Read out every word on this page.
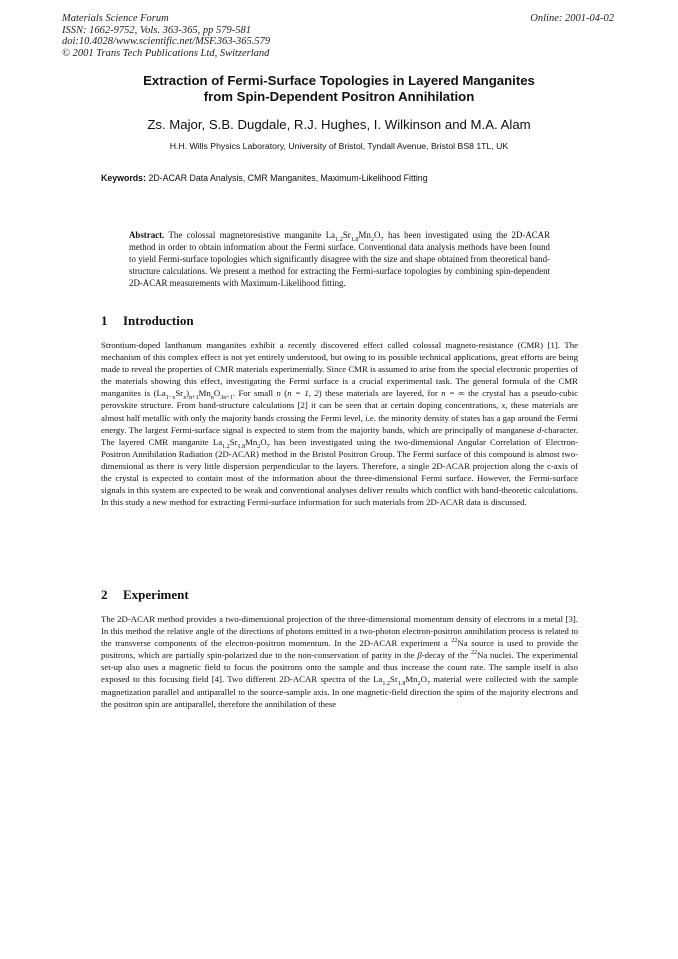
Materials Science Forum
ISSN: 1662-9752, Vols. 363-365, pp 579-581
doi:10.4028/www.scientific.net/MSF.363-365.579
© 2001 Trans Tech Publications Ltd, Switzerland
Online: 2001-04-02
Extraction of Fermi-Surface Topologies in Layered Manganites
from Spin-Dependent Positron Annihilation
Zs. Major, S.B. Dugdale, R.J. Hughes, I. Wilkinson and M.A. Alam
H.H. Wills Physics Laboratory, University of Bristol, Tyndall Avenue, Bristol BS8 1TL, UK
Keywords: 2D-ACAR Data Analysis, CMR Manganites, Maximum-Likelihood Fitting
Abstract. The colossal magnetoresistive manganite $La_{1.2}Sr_{1.8}Mn_2O_7$ has been investigated using the 2D-ACAR method in order to obtain information about the Fermi surface. Conventional data analysis methods have been found to yield Fermi-surface topologies which significantly disagree with the size and shape obtained from theoretical band-structure calculations. We present a method for extracting the Fermi-surface topologies by combining spin-dependent 2D-ACAR measurements with Maximum-Likelihood fitting.
1 Introduction
Strontium-doped lanthanum manganites exhibit a recently discovered effect called colossal magneto-resistance (CMR) [1]. The mechanism of this complex effect is not yet entirely understood, but owing to its possible technical applications, great efforts are being made to reveal the properties of CMR materials experimentally. Since CMR is assumed to arise from the special electronic properties of the materials showing this effect, investigating the Fermi surface is a crucial experimental task. The general formula of the CMR manganites is $(La_{1-x}Sr_x)_{n+1}Mn_nO_{3n+1}$. For small n (n = 1, 2) these materials are layered, for n = ∞ the crystal has a pseudo-cubic perovskite structure. From band-structure calculations [2] it can be seen that at certain doping concentrations, x, these materials are almost half metallic with only the majority bands crossing the Fermi level, i.e. the minority density of states has a gap around the Fermi energy. The largest Fermi-surface signal is expected to stem from the majority bands, which are principally of manganese d-character. The layered CMR manganite $La_{1.2}Sr_{1.8}Mn_2O_7$ has been investigated using the two-dimensional Angular Correlation of Electron-Positron Annihilation Radiation (2D-ACAR) method in the Bristol Positron Group. The Fermi surface of this compound is almost two-dimensional as there is very little dispersion perpendicular to the layers. Therefore, a single 2D-ACAR projection along the c-axis of the crystal is expected to contain most of the information about the three-dimensional Fermi surface. However, the Fermi-surface signals in this system are expected to be weak and conventional analyses deliver results which conflict with band-theoretic calculations. In this study a new method for extracting Fermi-surface information for such materials from 2D-ACAR data is discussed.
2 Experiment
The 2D-ACAR method provides a two-dimensional projection of the three-dimensional momentum density of electrons in a metal [3]. In this method the relative angle of the directions of photons emitted in a two-photon electron-positron annihilation process is related to the transverse components of the electron-positron momentum. In the 2D-ACAR experiment a $^{22}$Na source is used to provide the positrons, which are partially spin-polarized due to the non-conservation of parity in the β-decay of the $^{22}$Na nuclei. The experimental set-up also uses a magnetic field to focus the positrons onto the sample and thus increase the count rate. The sample itself is also exposed to this focusing field [4]. Two different 2D-ACAR spectra of the $La_{1.2}Sr_{1.8}Mn_2O_7$ material were collected with the sample magnetization parallel and antiparallel to the source-sample axis. In one magnetic-field direction the spins of the majority electrons and the positron spin are antiparallel, therefore the annihilation of these
